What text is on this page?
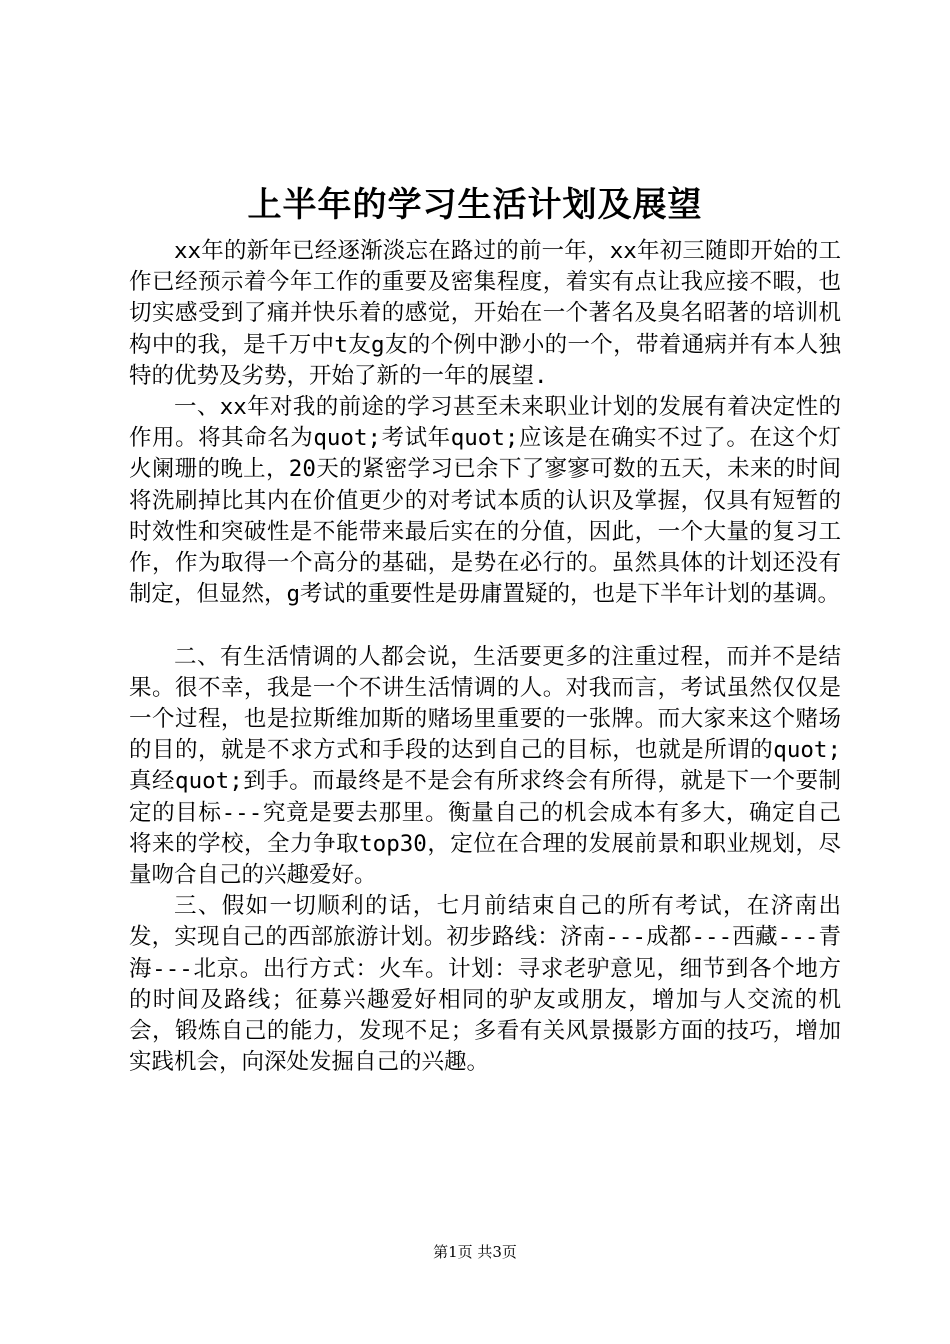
上半年的学习生活计划及展望

xx年的新年已经逐渐淡忘在路过的前一年，xx年初三随即开始的工作已经预示着今年工作的重要及密集程度，着实有点让我应接不暇，也切实感受到了痛并快乐着的感觉，开始在一个著名及臭名昭著的培训机构中的我，是千万中t友g友的个例中渺小的一个，带着通病并有本人独特的优势及劣势，开始了新的一年的展望.

一、xx年对我的前途的学习甚至未来职业计划的发展有着决定性的作用。将其命名为quot;考试年quot;应该是在确实不过了。在这个灯火阑珊的晚上，20天的紧密学习已余下了寥寥可数的五天，未来的时间将洗刷掉比其内在价值更少的对考试本质的认识及掌握，仅具有短暂的时效性和突破性是不能带来最后实在的分值，因此，一个大量的复习工作，作为取得一个高分的基础，是势在必行的。虽然具体的计划还没有制定，但显然，g考试的重要性是毋庸置疑的，也是下半年计划的基调。

二、有生活情调的人都会说，生活要更多的注重过程，而并不是结果。很不幸，我是一个不讲生活情调的人。对我而言，考试虽然仅仅是一个过程，也是拉斯维加斯的赌场里重要的一张牌。而大家来这个赌场的目的，就是不求方式和手段的达到自己的目标，也就是所谓的quot;真经quot;到手。而最终是不是会有所求终会有所得，就是下一个要制定的目标---究竟是要去那里。衡量自己的机会成本有多大，确定自己将来的学校，全力争取top30，定位在合理的发展前景和职业规划，尽量吻合自己的兴趣爱好。

三、假如一切顺利的话，七月前结束自己的所有考试，在济南出发，实现自己的西部旅游计划。初步路线：济南---成都---西藏---青海---北京。出行方式：火车。计划：寻求老驴意见，细节到各个地方的时间及路线；征募兴趣爱好相同的驴友或朋友，增加与人交流的机会，锻炼自己的能力，发现不足；多看有关风景摄影方面的技巧，增加实践机会，向深处发掘自己的兴趣。

第1页 共3页
